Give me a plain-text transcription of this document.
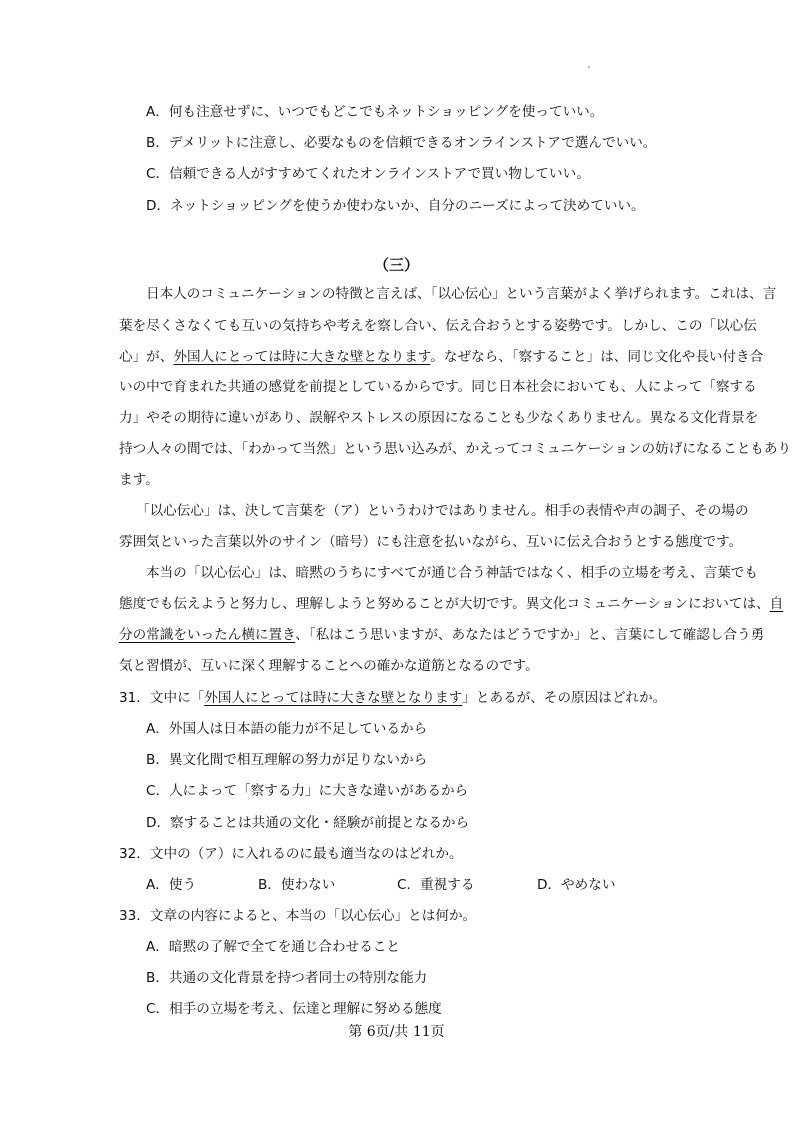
A．何も注意せずに、いつでもどこでもネットショッピングを使っていい。
B．デメリットに注意し、必要なものを信頼できるオンラインストアで選んでいい。
C．信頼できる人がすすめてくれたオンラインストアで買い物していい。
D．ネットショッピングを使うか使わないか、自分のニーズによって決めていい。
（三）
日本人のコミュニケーションの特徴と言えば、「以心伝心」という言葉がよく挙げられます。これは、言
葉を尽くさなくても互いの気持ちや考えを察し合い、伝え合おうとする姿勢です。しかし、この「以心伝
心」が、外国人にとっては時に大きな壁となります。なぜなら、「察すること」は、同じ文化や長い付き合
いの中で育まれた共通の感覚を前提としているからです。同じ日本社会においても、人によって「察する
力」やその期待に違いがあり、誤解やストレスの原因になることも少なくありません。異なる文化背景を
持つ人々の間では、「わかって当然」という思い込みが、かえってコミュニケーションの妨げになることもあり
ます。
「以心伝心」は、決して言葉を（ア）というわけではありません。相手の表情や声の調子、その場の
雰囲気といった言葉以外のサイン（暗号）にも注意を払いながら、互いに伝え合おうとする態度です。
本当の「以心伝心」は、暗黙のうちにすべてが通じ合う神話ではなく、相手の立場を考え、言葉でも
態度でも伝えようと努力し、理解しようと努めることが大切です。異文化コミュニケーションにおいては、自
分の常識をいったん横に置き、「私はこう思いますが、あなたはどうですか」と、言葉にして確認し合う勇
気と習慣が、互いに深く理解することへの確かな道筋となるのです。
31．文中に「外国人にとっては時に大きな壁となります」とあるが、その原因はどれか。
A．外国人は日本語の能力が不足しているから
B．異文化間で相互理解の努力が足りないから
C．人によって「察する力」に大きな違いがあるから
D．察することは共通の文化・経験が前提となるから
32．文中の（ア）に入れるのに最も適当なのはどれか。
A．使う	B．使わない	C．重視する	D．やめない
33．文章の内容によると、本当の「以心伝心」とは何か。
A．暗黙の了解で全てを通じ合わせること
B．共通の文化背景を持つ者同士の特別な能力
C．相手の立場を考え、伝達と理解に努める態度
第 6页/共 11页
